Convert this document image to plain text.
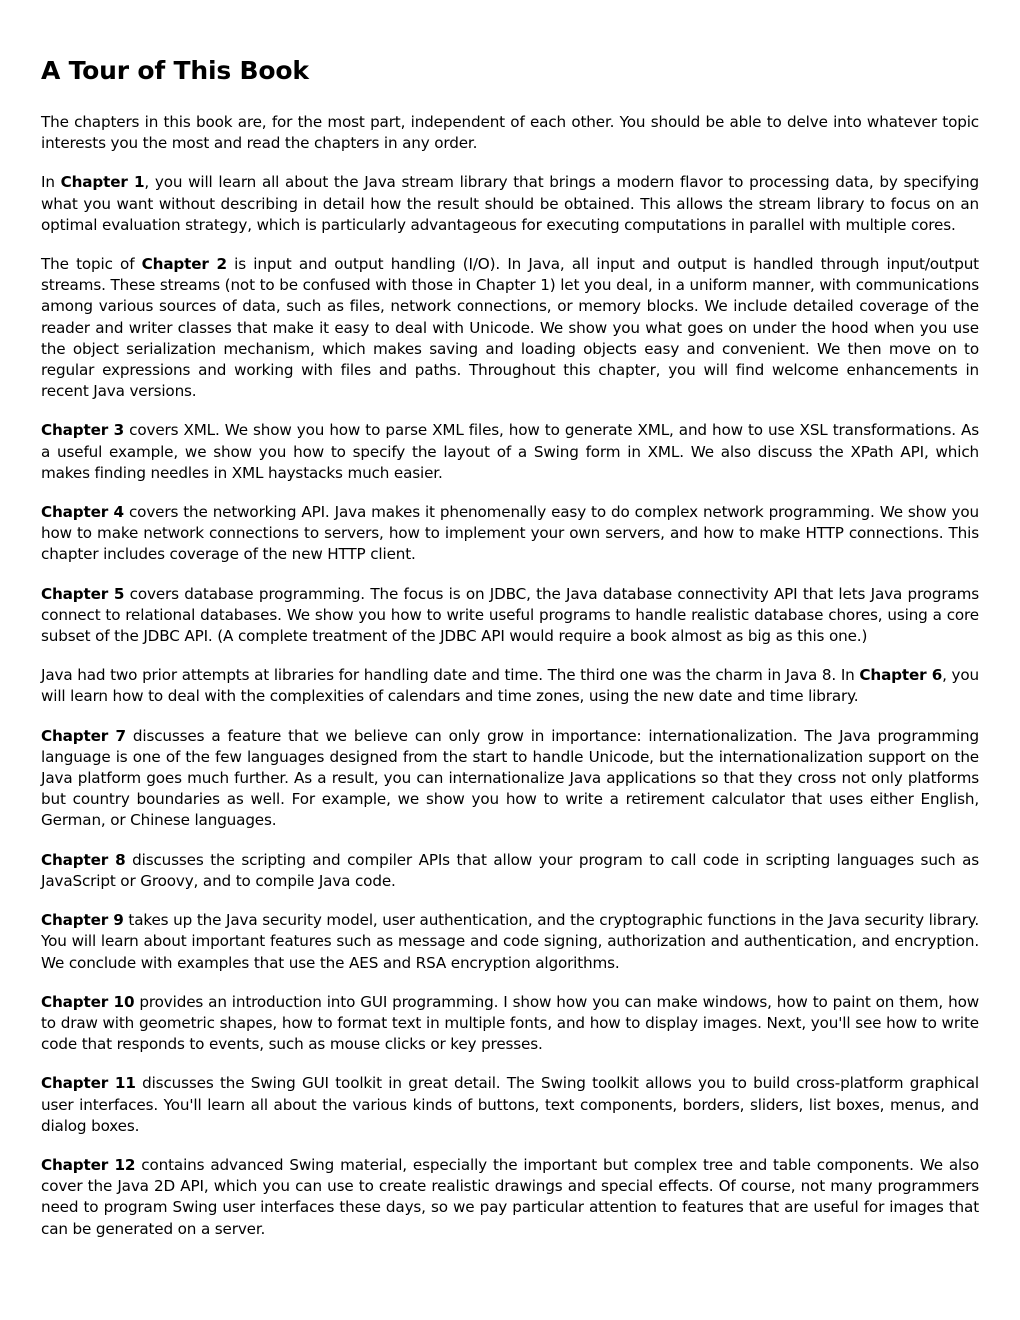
A Tour of This Book

The chapters in this book are, for the most part, independent of each other. You should be able to delve into whatever topic interests you the most and read the chapters in any order.

In Chapter 1, you will learn all about the Java stream library that brings a modern flavor to processing data, by specifying what you want without describing in detail how the result should be obtained. This allows the stream library to focus on an optimal evaluation strategy, which is particularly advantageous for executing computations in parallel with multiple cores.

The topic of Chapter 2 is input and output handling (I/O). In Java, all input and output is handled through input/output streams. These streams (not to be confused with those in Chapter 1) let you deal, in a uniform manner, with communications among various sources of data, such as files, network connections, or memory blocks. We include detailed coverage of the reader and writer classes that make it easy to deal with Unicode. We show you what goes on under the hood when you use the object serialization mechanism, which makes saving and loading objects easy and convenient. We then move on to regular expressions and working with files and paths. Throughout this chapter, you will find welcome enhancements in recent Java versions.

Chapter 3 covers XML. We show you how to parse XML files, how to generate XML, and how to use XSL transformations. As a useful example, we show you how to specify the layout of a Swing form in XML. We also discuss the XPath API, which makes finding needles in XML haystacks much easier.

Chapter 4 covers the networking API. Java makes it phenomenally easy to do complex network programming. We show you how to make network connections to servers, how to implement your own servers, and how to make HTTP connections. This chapter includes coverage of the new HTTP client.

Chapter 5 covers database programming. The focus is on JDBC, the Java database connectivity API that lets Java programs connect to relational databases. We show you how to write useful programs to handle realistic database chores, using a core subset of the JDBC API. (A complete treatment of the JDBC API would require a book almost as big as this one.)

Java had two prior attempts at libraries for handling date and time. The third one was the charm in Java 8. In Chapter 6, you will learn how to deal with the complexities of calendars and time zones, using the new date and time library.

Chapter 7 discusses a feature that we believe can only grow in importance: internationalization. The Java programming language is one of the few languages designed from the start to handle Unicode, but the internationalization support on the Java platform goes much further. As a result, you can internationalize Java applications so that they cross not only platforms but country boundaries as well. For example, we show you how to write a retirement calculator that uses either English, German, or Chinese languages.

Chapter 8 discusses the scripting and compiler APIs that allow your program to call code in scripting languages such as JavaScript or Groovy, and to compile Java code.

Chapter 9 takes up the Java security model, user authentication, and the cryptographic functions in the Java security library. You will learn about important features such as message and code signing, authorization and authentication, and encryption. We conclude with examples that use the AES and RSA encryption algorithms.

Chapter 10 provides an introduction into GUI programming. I show how you can make windows, how to paint on them, how to draw with geometric shapes, how to format text in multiple fonts, and how to display images. Next, you'll see how to write code that responds to events, such as mouse clicks or key presses.

Chapter 11 discusses the Swing GUI toolkit in great detail. The Swing toolkit allows you to build cross-platform graphical user interfaces. You'll learn all about the various kinds of buttons, text components, borders, sliders, list boxes, menus, and dialog boxes.

Chapter 12 contains advanced Swing material, especially the important but complex tree and table components. We also cover the Java 2D API, which you can use to create realistic drawings and special effects. Of course, not many programmers need to program Swing user interfaces these days, so we pay particular attention to features that are useful for images that can be generated on a server.
